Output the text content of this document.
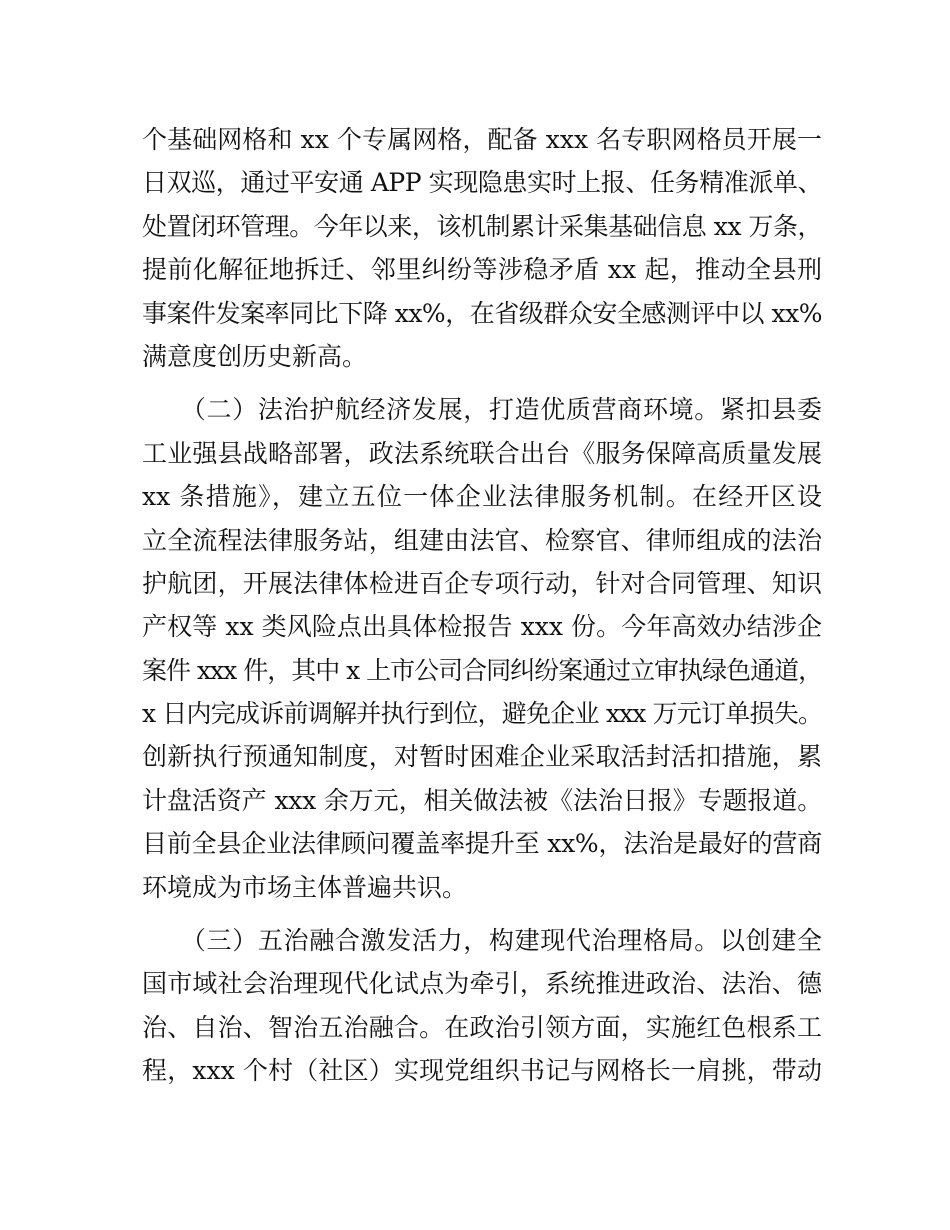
个基础网格和 xx 个专属网格，配备 xxx 名专职网格员开展一
日双巡，通过平安通 APP 实现隐患实时上报、任务精准派单、
处置闭环管理。今年以来，该机制累计采集基础信息 xx 万条，
提前化解征地拆迁、邻里纠纷等涉稳矛盾 xx 起，推动全县刑
事案件发案率同比下降 xx%，在省级群众安全感测评中以 xx%
满意度创历史新高。
　　（二）法治护航经济发展，打造优质营商环境。紧扣县委
工业强县战略部署，政法系统联合出台《服务保障高质量发展
xx 条措施》，建立五位一体企业法律服务机制。在经开区设
立全流程法律服务站，组建由法官、检察官、律师组成的法治
护航团，开展法律体检进百企专项行动，针对合同管理、知识
产权等 xx 类风险点出具体检报告 xxx 份。今年高效办结涉企
案件 xxx 件，其中 x 上市公司合同纠纷案通过立审执绿色通道，
x 日内完成诉前调解并执行到位，避免企业 xxx 万元订单损失。
创新执行预通知制度，对暂时困难企业采取活封活扣措施，累
计盘活资产 xxx 余万元，相关做法被《法治日报》专题报道。
目前全县企业法律顾问覆盖率提升至 xx%，法治是最好的营商
环境成为市场主体普遍共识。
　　（三）五治融合激发活力，构建现代治理格局。以创建全
国市域社会治理现代化试点为牵引，系统推进政治、法治、德
治、自治、智治五治融合。在政治引领方面，实施红色根系工
程，xxx 个村（社区）实现党组织书记与网格长一肩挑，带动
